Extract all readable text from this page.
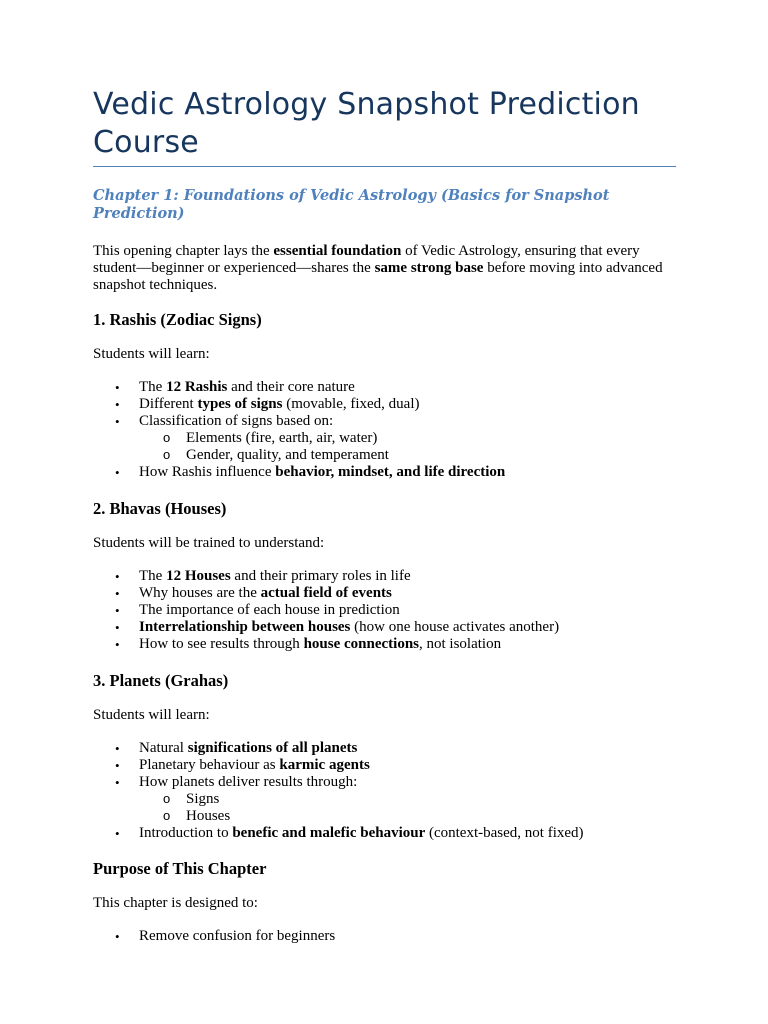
Vedic Astrology Snapshot Prediction Course
Chapter 1: Foundations of Vedic Astrology (Basics for Snapshot Prediction)

This opening chapter lays the essential foundation of Vedic Astrology, ensuring that every student—beginner or experienced—shares the same strong base before moving into advanced snapshot techniques.

1. Rashis (Zodiac Signs)

Students will learn:

• The 12 Rashis and their core nature
• Different types of signs (movable, fixed, dual)
• Classification of signs based on:
o Elements (fire, earth, air, water)
o Gender, quality, and temperament
• How Rashis influence behavior, mindset, and life direction
2. Bhavas (Houses)

Students will be trained to understand:

• The 12 Houses and their primary roles in life
• Why houses are the actual field of events
• The importance of each house in prediction
• Interrelationship between houses (how one house activates another)
• How to see results through house connections, not isolation
3. Planets (Grahas)

Students will learn:

• Natural significations of all planets
• Planetary behaviour as karmic agents
• How planets deliver results through:
o Signs
o Houses
• Introduction to benefic and malefic behaviour (context-based, not fixed)
Purpose of This Chapter

This chapter is designed to:

• Remove confusion for beginners
